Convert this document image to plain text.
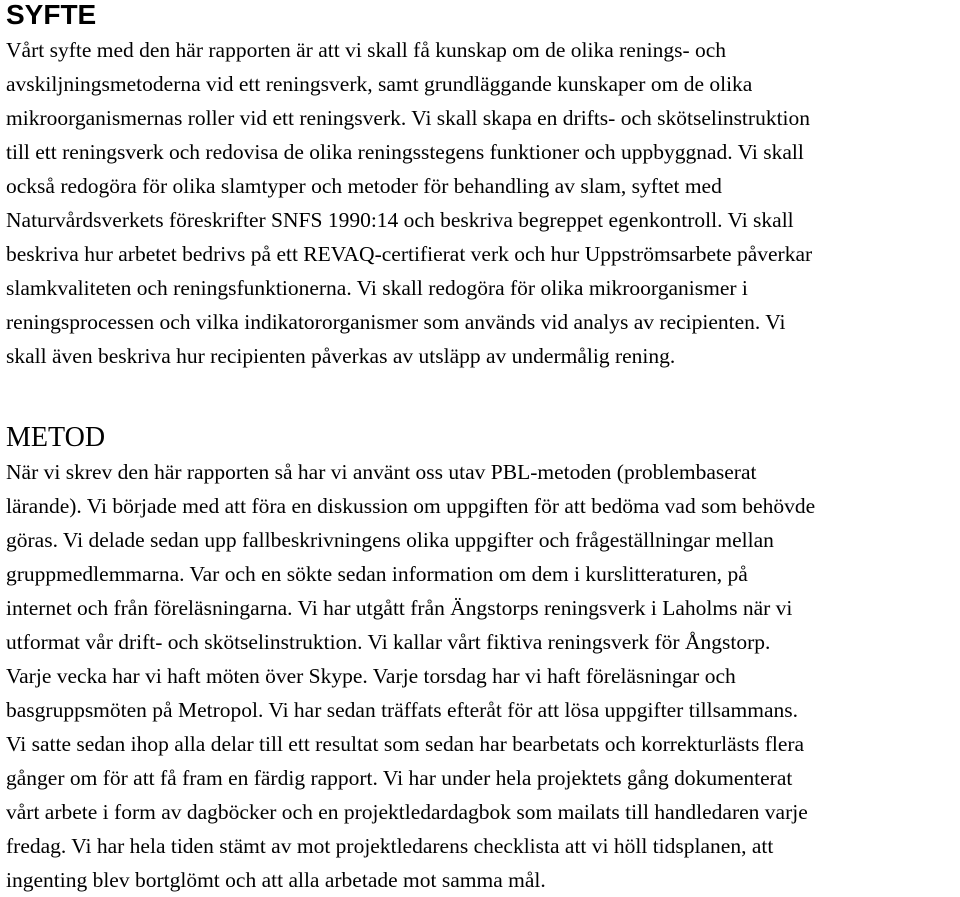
SYFTE
Vårt syfte med den här rapporten är att vi skall få kunskap om de olika renings- och
avskiljningsmetoderna vid ett reningsverk, samt grundläggande kunskaper om de olika
mikroorganismernas roller vid ett reningsverk. Vi skall skapa en drifts- och skötselinstruktion
till ett reningsverk och redovisa de olika reningsstegens funktioner och uppbyggnad. Vi skall
också redogöra för olika slamtyper och metoder för behandling av slam, syftet med
Naturvårdsverkets föreskrifter SNFS 1990:14 och beskriva begreppet egenkontroll. Vi skall
beskriva hur arbetet bedrivs på ett REVAQ-certifierat verk och hur Uppströmsarbete påverkar
slamkvaliteten och reningsfunktionerna. Vi skall redogöra för olika mikroorganismer i
reningsprocessen och vilka indikatororganismer som används vid analys av recipienten. Vi
skall även beskriva hur recipienten påverkas av utsläpp av undermålig rening.
METOD
När vi skrev den här rapporten så har vi använt oss utav PBL-metoden (problembaserat
lärande). Vi började med att föra en diskussion om uppgiften för att bedöma vad som behövde
göras. Vi delade sedan upp fallbeskrivningens olika uppgifter och frågeställningar mellan
gruppmedlemmarna. Var och en sökte sedan information om dem i kurslitteraturen, på
internet och från föreläsningarna. Vi har utgått från Ängstorps reningsverk i Laholms när vi
utformat vår drift- och skötselinstruktion. Vi kallar vårt fiktiva reningsverk för Ångstorp.
Varje vecka har vi haft möten över Skype. Varje torsdag har vi haft föreläsningar och
basgruppsmöten på Metropol. Vi har sedan träffats efteråt för att lösa uppgifter tillsammans.
Vi satte sedan ihop alla delar till ett resultat som sedan har bearbetats och korrekturlästs flera
gånger om för att få fram en färdig rapport. Vi har under hela projektets gång dokumenterat
vårt arbete i form av dagböcker och en projektledardagbok som mailats till handledaren varje
fredag. Vi har hela tiden stämt av mot projektledarens checklista att vi höll tidsplanen, att
ingenting blev bortglömt och att alla arbetade mot samma mål.
